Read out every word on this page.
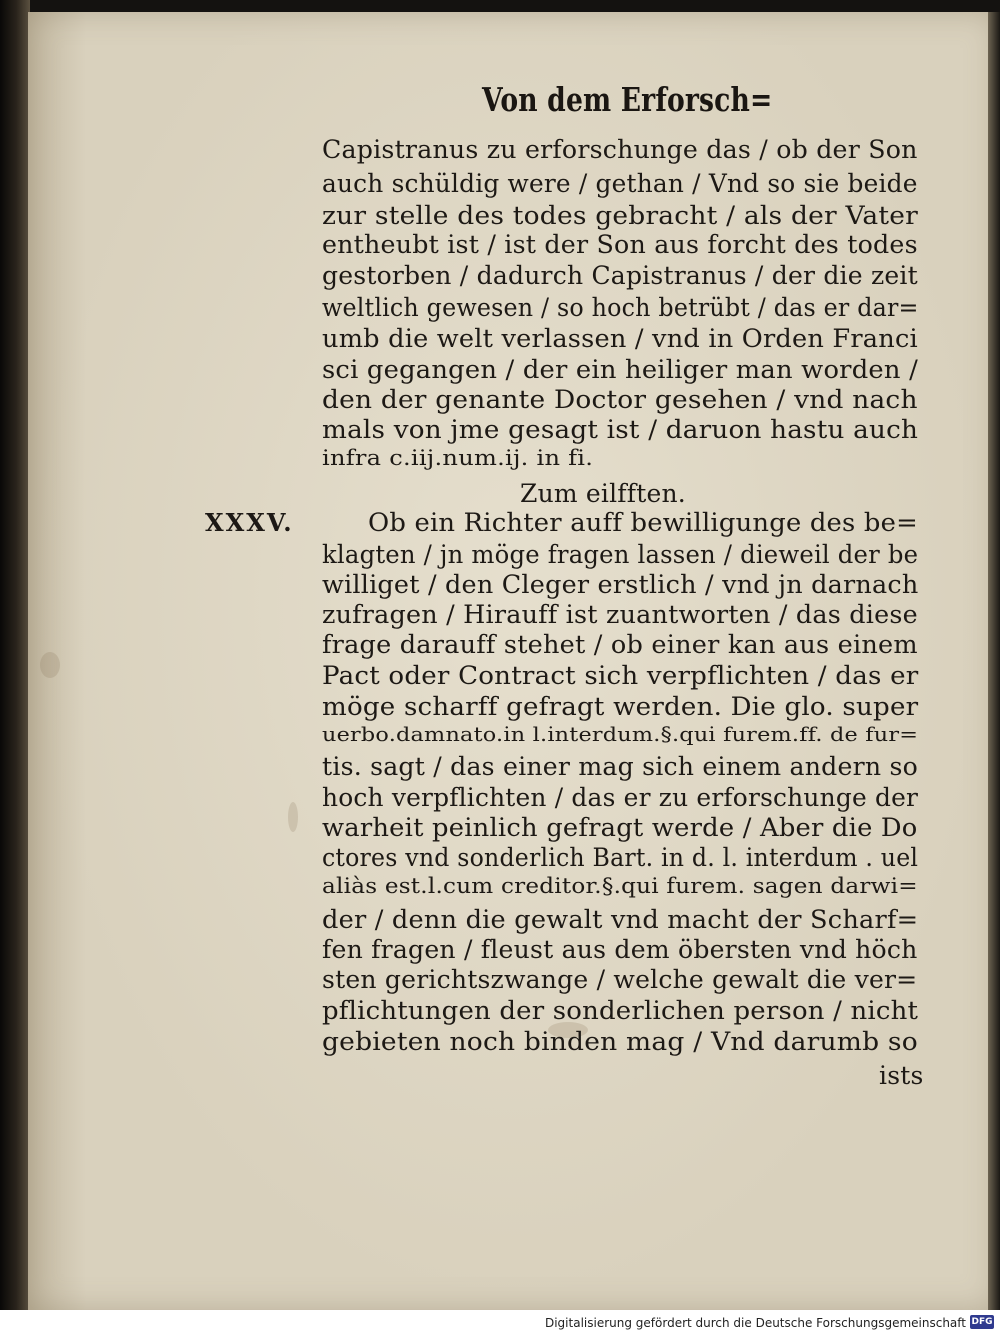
Von dem Erforsch=
Capistranus zu erforschunge das / ob der Son
auch schüldig were / gethan / Vnd so sie beide
zur stelle des todes gebracht / als der Vater
entheubt ist / ist der Son aus forcht des todes
gestorben / dadurch Capistranus / der die zeit
weltlich gewesen / so hoch betrübt / das er dar=
umb die welt verlassen / vnd in Orden Franci
sci gegangen / der ein heiliger man worden /
den der genante Doctor gesehen / vnd nach
mals von jme gesagt ist / daruon hastu auch
infra c.iij.num.ij. in fi.
Zum eilfften.
XXXV.	Ob ein Richter auff bewilligunge des be=
klagten / jn möge fragen lassen / dieweil der be
williget / den Cleger erstlich / vnd jn darnach
zufragen / Hirauff ist zuantworten / das diese
frage darauff stehet / ob einer kan aus einem
Pact oder Contract sich verpflichten / das er
möge scharff gefragt werden. Die glo. super
uerbo.damnato.in l.interdum.§.qui furem.ff. de fur=
tis. sagt / das einer mag sich einem andern so
hoch verpflichten / das er zu erforschunge der
warheit peinlich gefragt werde / Aber die Do
ctores vnd sonderlich Bart. in d. l. interdum . uel
aliàs est.l.cum creditor.§.qui furem. sagen darwi=
der / denn die gewalt vnd macht der Scharf=
fen fragen / fleust aus dem öbersten vnd höch
sten gerichtszwange / welche gewalt die ver=
pflichtungen der sonderlichen person / nicht
gebieten noch binden mag / Vnd darumb so
ists
Digitalisierung gefördert durch die Deutsche Forschungsgemeinschaft DFG
